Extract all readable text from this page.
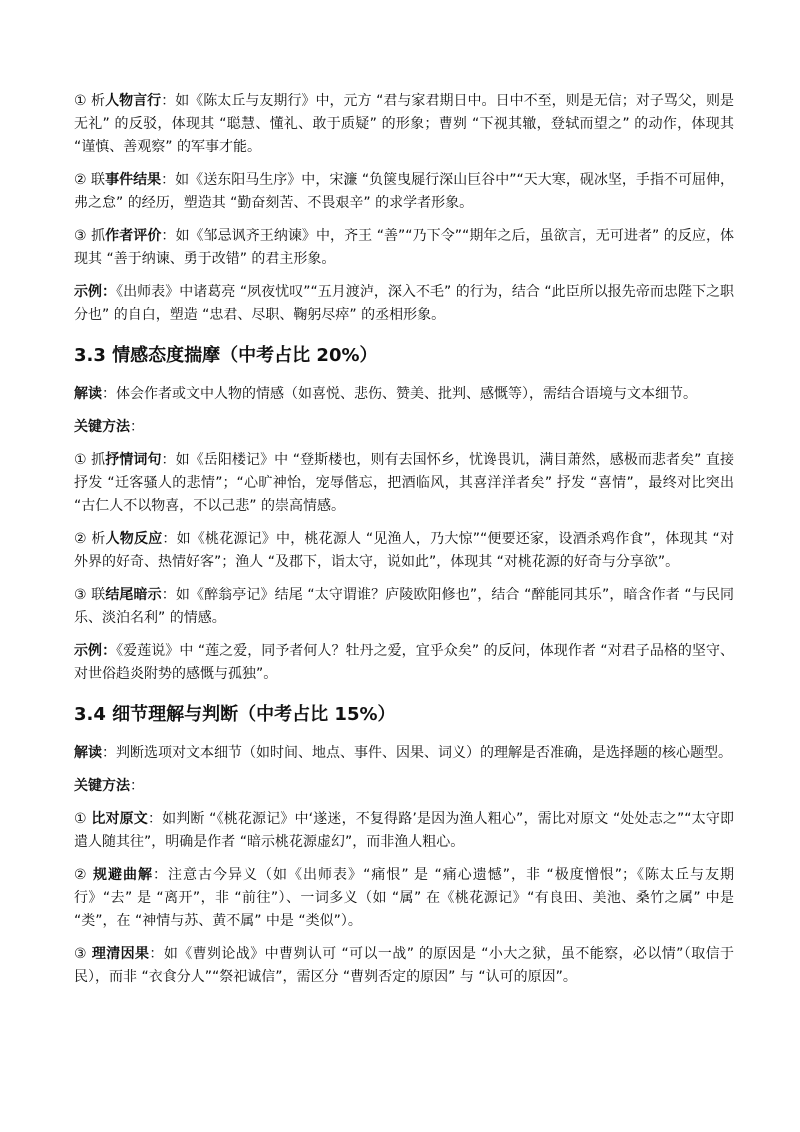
① 析人物言行：如《陈太丘与友期行》中，元方 “君与家君期日中。日中不至，则是无信；对子骂父，则是无礼” 的反驳，体现其 “聪慧、懂礼、敢于质疑” 的形象；曹刿 “下视其辙，登轼而望之” 的动作，体现其 “谨慎、善观察” 的军事才能。

② 联事件结果：如《送东阳马生序》中，宋濂 “负箧曳屣行深山巨谷中”“天大寒，砚冰坚，手指不可屈伸，弗之怠” 的经历，塑造其 “勤奋刻苦、不畏艰辛” 的求学者形象。

③ 抓作者评价：如《邹忌讽齐王纳谏》中，齐王 “善”“乃下令”“期年之后，虽欲言，无可进者” 的反应，体现其 “善于纳谏、勇于改错” 的君主形象。

示例：《出师表》中诸葛亮 “夙夜忧叹”“五月渡泸，深入不毛” 的行为，结合 “此臣所以报先帝而忠陛下之职分也” 的自白，塑造 “忠君、尽职、鞠躬尽瘁” 的丞相形象。

3.3 情感态度揣摩（中考占比 20%）

解读：体会作者或文中人物的情感（如喜悦、悲伤、赞美、批判、感慨等），需结合语境与文本细节。

关键方法：

① 抓抒情词句：如《岳阳楼记》中 “登斯楼也，则有去国怀乡，忧谗畏讥，满目萧然，感极而悲者矣” 直接抒发 “迁客骚人的悲情”；“心旷神怡，宠辱偕忘，把酒临风，其喜洋洋者矣” 抒发 “喜情”，最终对比突出 “古仁人不以物喜，不以己悲” 的崇高情感。

② 析人物反应：如《桃花源记》中，桃花源人 “见渔人，乃大惊”“便要还家，设酒杀鸡作食”，体现其 “对外界的好奇、热情好客”；渔人 “及郡下，诣太守，说如此”，体现其 “对桃花源的好奇与分享欲”。

③ 联结尾暗示：如《醉翁亭记》结尾 “太守谓谁？庐陵欧阳修也”，结合 “醉能同其乐”，暗含作者 “与民同乐、淡泊名利” 的情感。

示例：《爱莲说》中 “莲之爱，同予者何人？牡丹之爱，宜乎众矣” 的反问，体现作者 “对君子品格的坚守、对世俗趋炎附势的感慨与孤独”。

3.4 细节理解与判断（中考占比 15%）

解读：判断选项对文本细节（如时间、地点、事件、因果、词义）的理解是否准确，是选择题的核心题型。

关键方法：

① 比对原文：如判断 “《桃花源记》中‘遂迷，不复得路’是因为渔人粗心”，需比对原文 “处处志之”“太守即遣人随其往”，明确是作者 “暗示桃花源虚幻”，而非渔人粗心。

② 规避曲解：注意古今异义（如《出师表》“痛恨” 是 “痛心遗憾”，非 “极度憎恨”；《陈太丘与友期行》“去” 是 “离开”，非 “前往”）、一词多义（如 “属” 在《桃花源记》“有良田、美池、桑竹之属” 中是 “类”，在 “神情与苏、黄不属” 中是 “类似”）。

③ 理清因果：如《曹刿论战》中曹刿认可 “可以一战” 的原因是 “小大之狱，虽不能察，必以情”（取信于民），而非 “衣食分人”“祭祀诚信”，需区分 “曹刿否定的原因” 与 “认可的原因”。
